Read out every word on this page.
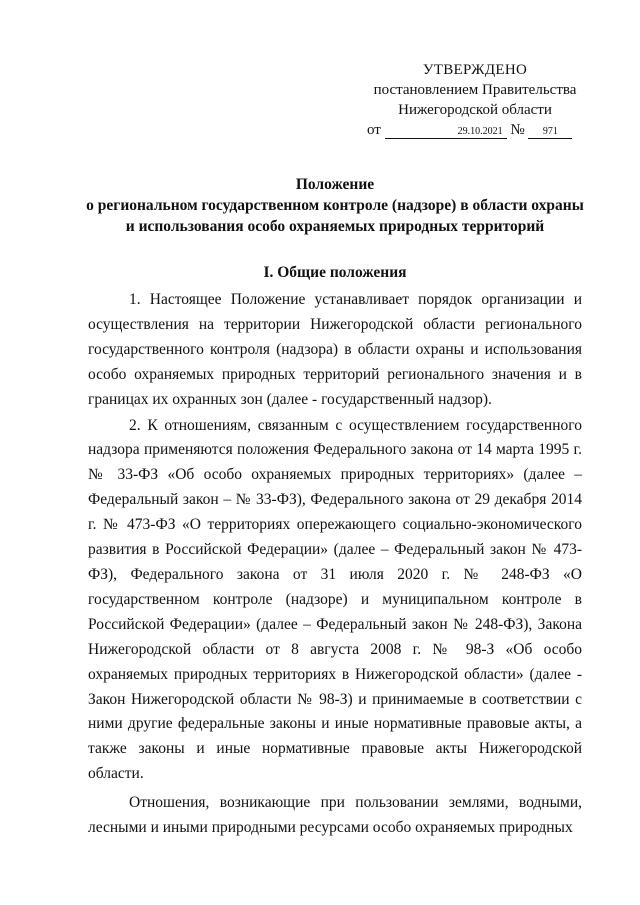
УТВЕРЖДЕНО
постановлением Правительства
Нижегородской области
от	29.10.2021 № 971
Положение
о региональном государственном контроле (надзоре) в области охраны
и использования особо охраняемых природных территорий
I. Общие положения

1. Настоящее Положение устанавливает порядок организации и осуществления на территории Нижегородской области регионального государственного контроля (надзора) в области охраны и использования особо охраняемых природных территорий регионального значения и в границах их охранных зон (далее - государственный надзор).

2. К отношениям, связанным с осуществлением государственного надзора применяются положения Федерального закона от 14 марта 1995 г. № 33-ФЗ «Об особо охраняемых природных территориях» (далее – Федеральный закон – № 33-ФЗ), Федерального закона от 29 декабря 2014 г. № 473-ФЗ «О территориях опережающего социально-экономического развития в Российской Федерации» (далее – Федеральный закон № 473-ФЗ), Федерального закона от 31 июля 2020 г. № 248-ФЗ «О государственном контроле (надзоре) и муниципальном контроле в Российской Федерации» (далее – Федеральный закон № 248-ФЗ), Закона Нижегородской области от 8 августа 2008 г. № 98-З «Об особо охраняемых природных территориях в Нижегородской области» (далее - Закон Нижегородской области № 98-З) и принимаемые в соответствии с ними другие федеральные законы и иные нормативные правовые акты, а также законы и иные нормативные правовые акты Нижегородской области.

Отношения, возникающие при пользовании землями, водными, лесными и иными природными ресурсами особо охраняемых природных
